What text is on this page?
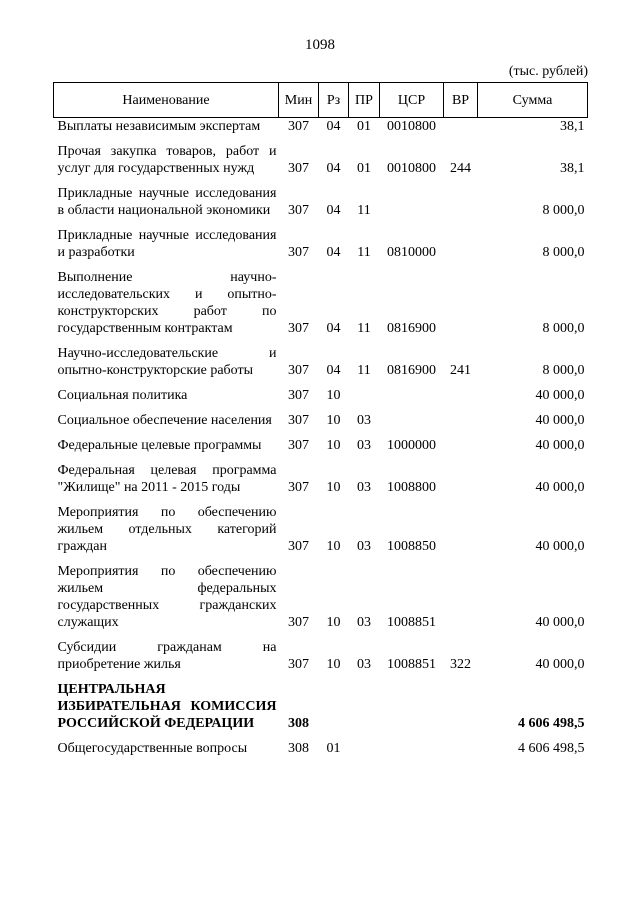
1098
(тыс. рублей)
Наименование	Мин	Рз	ПР	ЦСР	ВР	Сумма
Выплаты независимым экспертам	307	04	01	0010800		38,1

Прочая закупка товаров, работ и услуг для государственных нужд	307	04	01	0010800	244	38,1

Прикладные научные исследования в области национальной экономики	307	04	11			8 000,0

Прикладные научные исследования и разработки	307	04	11	0810000		8 000,0

Выполнение научно-исследовательских и опытно-конструкторских работ по государственным контрактам	307	04	11	0816900		8 000,0

Научно-исследовательские и опытно-конструкторские работы	307	04	11	0816900	241	8 000,0

Социальная политика	307	10				40 000,0

Социальное обеспечение населения	307	10	03			40 000,0

Федеральные целевые программы	307	10	03	1000000		40 000,0

Федеральная целевая программа "Жилище" на 2011 - 2015 годы	307	10	03	1008800		40 000,0

Мероприятия по обеспечению жильем отдельных категорий граждан	307	10	03	1008850		40 000,0

Мероприятия по обеспечению жильем федеральных государственных гражданских служащих	307	10	03	1008851		40 000,0

Субсидии гражданам на приобретение жилья	307	10	03	1008851	322	40 000,0

ЦЕНТРАЛЬНАЯ ИЗБИРАТЕЛЬНАЯ КОМИССИЯ РОССИЙСКОЙ ФЕДЕРАЦИИ	308					4 606 498,5

Общегосударственные вопросы	308	01				4 606 498,5
